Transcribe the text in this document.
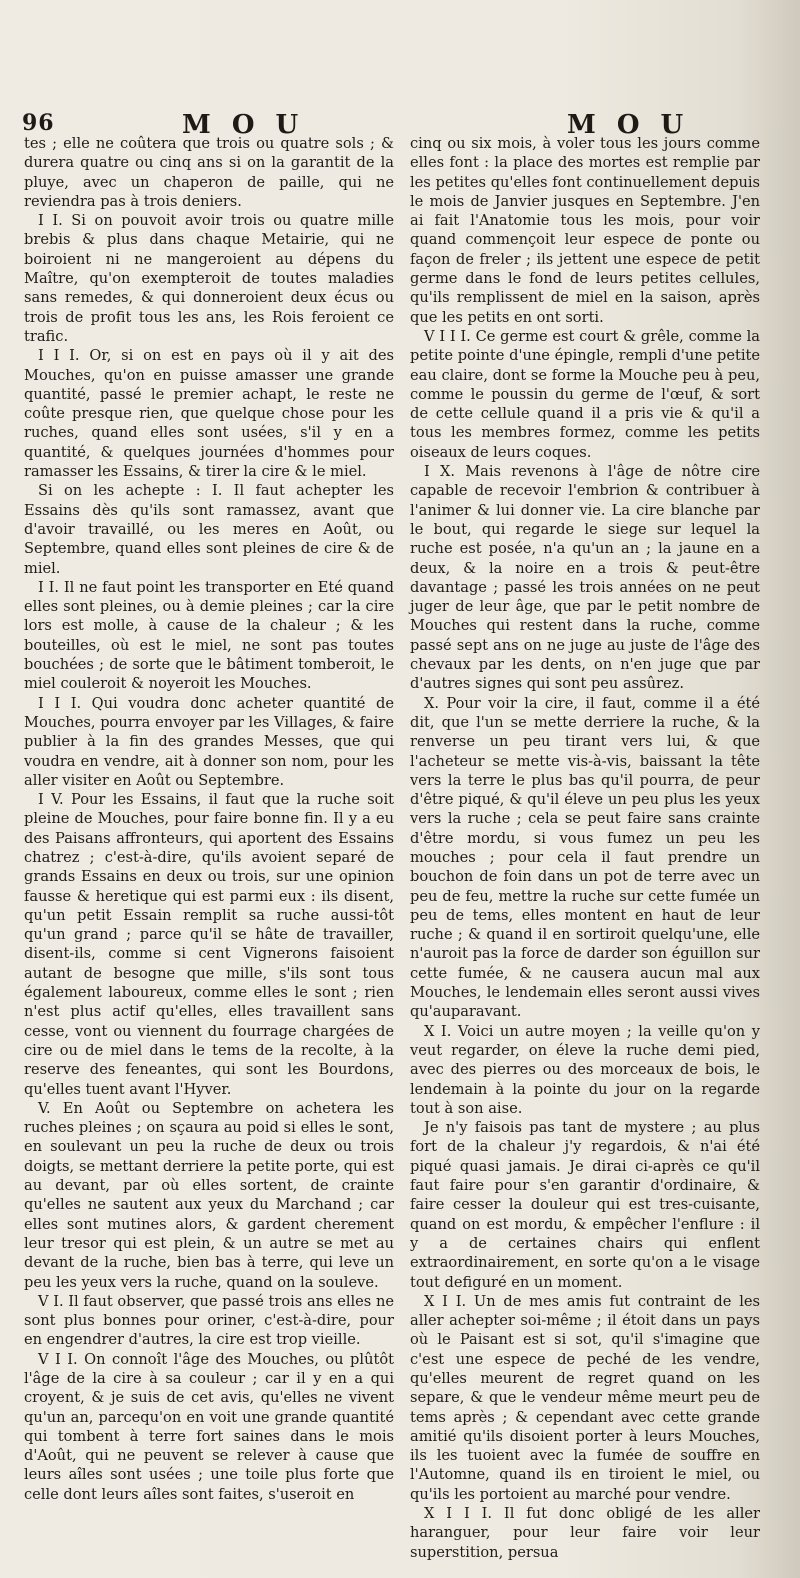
96	M O U	M O U

tes ; elle ne coûtera que trois ou quatre sols ; & durera quatre ou cinq ans si on la garantit de la pluye, avec un chaperon de paille, qui ne reviendra pas à trois deniers.

I I. Si on pouvoit avoir trois ou quatre mille brebis & plus dans chaque Metairie, qui ne boiroient ni ne mangeroient au dépens du Maître, qu'on exempteroit de toutes maladies sans remedes, & qui donneroient deux écus ou trois de profit tous les ans, les Rois feroient ce trafic.

I I I. Or, si on est en pays où il y ait des Mouches, qu'on en puisse amasser une grande quantité, passé le premier achapt, le reste ne coûte presque rien, que quelque chose pour les ruches, quand elles sont usées, s'il y en a quantité, & quelques journées d'hommes pour ramasser les Essains, & tirer la cire & le miel.

Si on les achepte : I. Il faut achepter les Essains dès qu'ils sont ramassez, avant que d'avoir travaillé, ou les meres en Août, ou Septembre, quand elles sont pleines de cire & de miel.

I I. Il ne faut point les transporter en Eté quand elles sont pleines, ou à demie pleines ; car la cire lors est molle, à cause de la chaleur ; & les bouteilles, où est le miel, ne sont pas toutes bouchées ; de sorte que le bâtiment tomberoit, le miel couleroit & noyeroit les Mouches.

I I I. Qui voudra donc acheter quantité de Mouches, pourra envoyer par les Villages, & faire publier à la fin des grandes Messes, que qui voudra en vendre, ait à donner son nom, pour les aller visiter en Août ou Septembre.

I V. Pour les Essains, il faut que la ruche soit pleine de Mouches, pour faire bonne fin. Il y a eu des Paisans affronteurs, qui aportent des Essains chatrez ; c'est-à-dire, qu'ils avoient separé de grands Essains en deux ou trois, sur une opinion fausse & heretique qui est parmi eux : ils disent, qu'un petit Essain remplit sa ruche aussi-tôt qu'un grand ; parce qu'il se hâte de travailler, disent-ils, comme si cent Vignerons faisoient autant de besogne que mille, s'ils sont tous également laboureux, comme elles le sont ; rien n'est plus actif qu'elles, elles travaillent sans cesse, vont ou viennent du fourrage chargées de cire ou de miel dans le tems de la recolte, à la reserve des feneantes, qui sont les Bourdons, qu'elles tuent avant l'Hyver.

V. En Août ou Septembre on achetera les ruches pleines ; on sçaura au poid si elles le sont, en soulevant un peu la ruche de deux ou trois doigts, se mettant derriere la petite porte, qui est au devant, par où elles sortent, de crainte qu'elles ne sautent aux yeux du Marchand ; car elles sont mutines alors, & gardent cherement leur tresor qui est plein, & un autre se met au devant de la ruche, bien bas à terre, qui leve un peu les yeux vers la ruche, quand on la souleve.

V I. Il faut observer, que passé trois ans elles ne sont plus bonnes pour oriner, c'est-à-dire, pour en engendrer d'autres, la cire est trop vieille.

V I I. On connoît l'âge des Mouches, ou plûtôt l'âge de la cire à sa couleur ; car il y en a qui croyent, & je suis de cet avis, qu'elles ne vivent qu'un an, parcequ'on en voit une grande quantité qui tombent à terre fort saines dans le mois d'Août, qui ne peuvent se relever à cause que leurs aîles sont usées ; une toile plus forte que celle dont leurs aîles sont faites, s'useroit en

cinq ou six mois, à voler tous les jours comme elles font : la place des mortes est remplie par les petites qu'elles font continuellement depuis le mois de Janvier jusques en Septembre. J'en ai fait l'Anatomie tous les mois, pour voir quand commençoit leur espece de ponte ou façon de freler ; ils jettent une espece de petit germe dans le fond de leurs petites cellules, qu'ils remplissent de miel en la saison, après que les petits en ont sorti.

V I I I. Ce germe est court & grêle, comme la petite pointe d'une épingle, rempli d'une petite eau claire, dont se forme la Mouche peu à peu, comme le poussin du germe de l'œuf, & sort de cette cellule quand il a pris vie & qu'il a tous les membres formez, comme les petits oiseaux de leurs coques.

I X. Mais revenons à l'âge de nôtre cire capable de recevoir l'embrion & contribuer à l'animer & lui donner vie. La cire blanche par le bout, qui regarde le siege sur lequel la ruche est posée, n'a qu'un an ; la jaune en a deux, & la noire en a trois & peut-être davantage ; passé les trois années on ne peut juger de leur âge, que par le petit nombre de Mouches qui restent dans la ruche, comme passé sept ans on ne juge au juste de l'âge des chevaux par les dents, on n'en juge que par d'autres signes qui sont peu assûrez.

X. Pour voir la cire, il faut, comme il a été dit, que l'un se mette derriere la ruche, & la renverse un peu tirant vers lui, & que l'acheteur se mette vis-à-vis, baissant la tête vers la terre le plus bas qu'il pourra, de peur d'être piqué, & qu'il éleve un peu plus les yeux vers la ruche ; cela se peut faire sans crainte d'être mordu, si vous fumez un peu les mouches ; pour cela il faut prendre un bouchon de foin dans un pot de terre avec un peu de feu, mettre la ruche sur cette fumée un peu de tems, elles montent en haut de leur ruche ; & quand il en sortiroit quelqu'une, elle n'auroit pas la force de darder son éguillon sur cette fumée, & ne causera aucun mal aux Mouches, le lendemain elles seront aussi vives qu'auparavant.

X I. Voici un autre moyen ; la veille qu'on y veut regarder, on éleve la ruche demi pied, avec des pierres ou des morceaux de bois, le lendemain à la pointe du jour on la regarde tout à son aise.

Je n'y faisois pas tant de mystere ; au plus fort de la chaleur j'y regardois, & n'ai été piqué quasi jamais. Je dirai ci-après ce qu'il faut faire pour s'en garantir d'ordinaire, & faire cesser la douleur qui est tres-cuisante, quand on est mordu, & empêcher l'enflure : il y a de certaines chairs qui enflent extraordinairement, en sorte qu'on a le visage tout defiguré en un moment.

X I I. Un de mes amis fut contraint de les aller achepter soi-même ; il étoit dans un pays où le Paisant est si sot, qu'il s'imagine que c'est une espece de peché de les vendre, qu'elles meurent de regret quand on les separe, & que le vendeur même meurt peu de tems après ; & cependant avec cette grande amitié qu'ils disoient porter à leurs Mouches, ils les tuoient avec la fumée de souffre en l'Automne, quand ils en tiroient le miel, ou qu'ils les portoient au marché pour vendre.

X I I I. Il fut donc obligé de les aller haranguer, pour leur faire voir leur superstition, persua
